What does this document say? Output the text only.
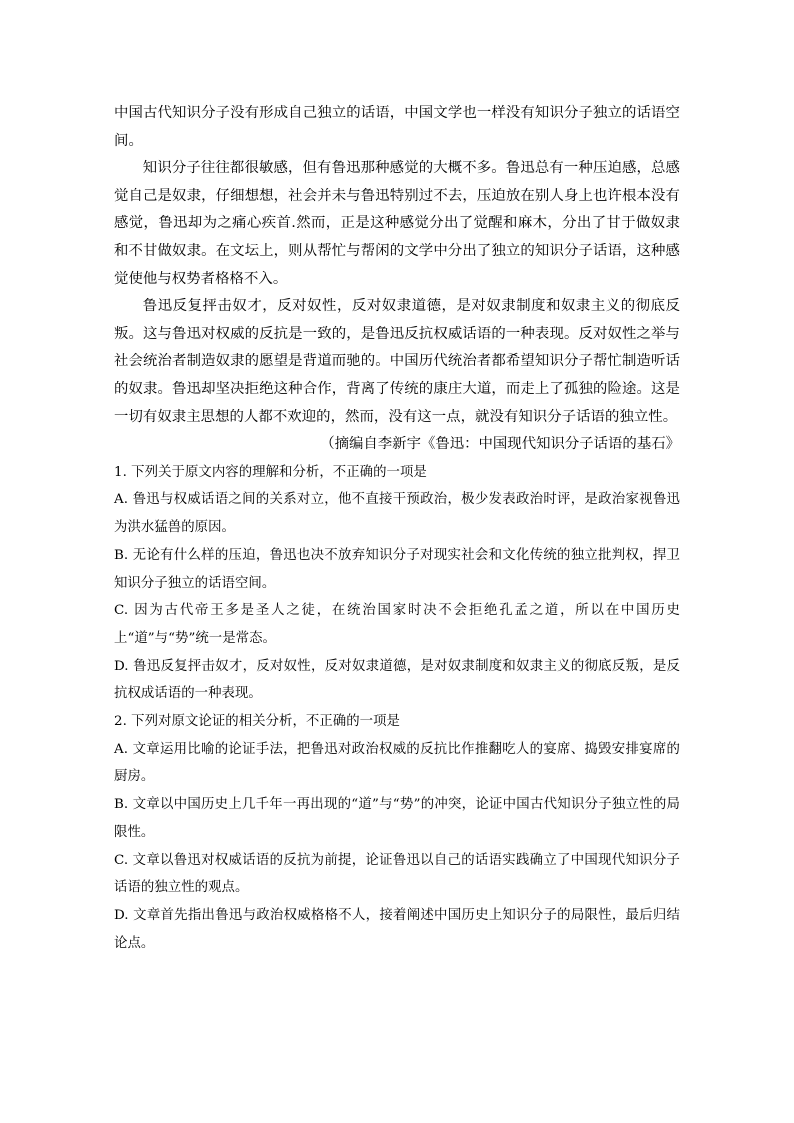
中国古代知识分子没有形成自己独立的话语，中国文学也一样没有知识分子独立的话语空间。

知识分子往往都很敏感，但有鲁迅那种感觉的大概不多。鲁迅总有一种压迫感，总感觉自己是奴隶，仔细想想，社会并未与鲁迅特别过不去，压迫放在别人身上也许根本没有感觉，鲁迅却为之痛心疾首.然而，正是这种感觉分出了觉醒和麻木，分出了甘于做奴隶和不甘做奴隶。在文坛上，则从帮忙与帮闲的文学中分出了独立的知识分子话语，这种感觉使他与权势者格格不入。

鲁迅反复抨击奴才，反对奴性，反对奴隶道德，是对奴隶制度和奴隶主义的彻底反叛。这与鲁迅对权威的反抗是一致的，是鲁迅反抗权威话语的一种表现。反对奴性之举与社会统治者制造奴隶的愿望是背道而驰的。中国历代统治者都希望知识分子帮忙制造听话的奴隶。鲁迅却坚决拒绝这种合作，背离了传统的康庄大道，而走上了孤独的险途。这是一切有奴隶主思想的人都不欢迎的，然而，没有这一点，就没有知识分子话语的独立性。

（摘编自李新宇《鲁迅：中国现代知识分子话语的基石》

1. 下列关于原文内容的理解和分析，不正确的一项是

A. 鲁迅与权威话语之间的关系对立，他不直接干预政治，极少发表政治时评，是政治家视鲁迅为洪水猛兽的原因。

B. 无论有什么样的压迫，鲁迅也决不放弃知识分子对现实社会和文化传统的独立批判权，捍卫知识分子独立的话语空间。

C. 因为古代帝王多是圣人之徒，在统治国家时决不会拒绝孔孟之道，所以在中国历史上“道”与“势”统一是常态。

D. 鲁迅反复抨击奴才，反对奴性，反对奴隶道德，是对奴隶制度和奴隶主义的彻底反叛，是反抗权成话语的一种表现。

2. 下列对原文论证的相关分析，不正确的一项是

A. 文章运用比喻的论证手法，把鲁迅对政治权威的反抗比作推翻吃人的宴席、捣毁安排宴席的厨房。

B. 文章以中国历史上几千年一再出现的“道”与“势”的冲突，论证中国古代知识分子独立性的局限性。

C. 文章以鲁迅对权威话语的反抗为前提，论证鲁迅以自己的话语实践确立了中国现代知识分子话语的独立性的观点。

D. 文章首先指出鲁迅与政治权威格格不人，接着阐述中国历史上知识分子的局限性，最后归结论点。
